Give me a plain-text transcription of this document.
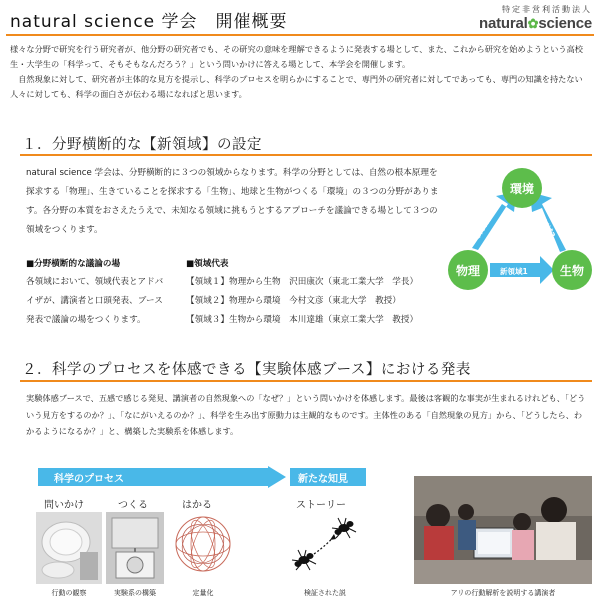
natural science 学会 開催概要
特定非営利活動法人
natural✿science

様々な分野で研究を行う研究者が、他分野の研究者でも、その研究の意味を理解できるように発表する場として、また、これから研究を始めようという高校生・大学生の「科学って、そもそもなんだろう？」という問いかけに答える場として、本学会を開催します。

自然現象に対して、研究者が主体的な見方を提示し、科学のプロセスを明らかにすることで、専門外の研究者に対してであっても、専門の知識を持たない人々に対しても、科学の面白さが伝わる場になればと思います。

１．分野横断的な【新領域】の設定
natural science 学会は、分野横断的に３つの領域からなります。科学の分野としては、自然の根本原理を探求する「物理」、生きていることを探求する「生物」、地球と生物がつくる「環境」の３つの分野があります。各分野の本質をおさえたうえで、未知なる領域に挑もうとするアプローチを議論できる場として３つの領域をつくります。
■分野横断的な議論の場
各領域において、領域代表とアドバイザが、講演者と口頭発表、ブース発表で議論の場をつくります。
■領域代表
【領域１】物理から生物　沢田康次（東北工業大学　学長）
【領域２】物理から環境　今村文彦（東北大学　教授）
【領域３】生物から環境　本川達雄（東京工業大学　教授）
環境
物理	生物
新領域1
新領域2	新領域3
２．科学のプロセスを体感できる【実験体感ブース】における発表
実験体感ブースで、五感で感じる発見、講演者の自然現象への「なぜ？」という問いかけを体感します。最後は客観的な事実が生まれるけれども、「どういう見方をするのか？」、「なにがいえるのか？」、科学を生み出す原動力は主観的なものです。主体性のある「自然現象の見方」から、「どうしたら、わかるようになるか？」と、構築した実験系を体感します。
科学のプロセス	新たな知見
問いかけ	つくる	はかる	ストーリー
行動の観察	実験系の構築	定量化	検証された説	アリの行動解析を説明する講演者
